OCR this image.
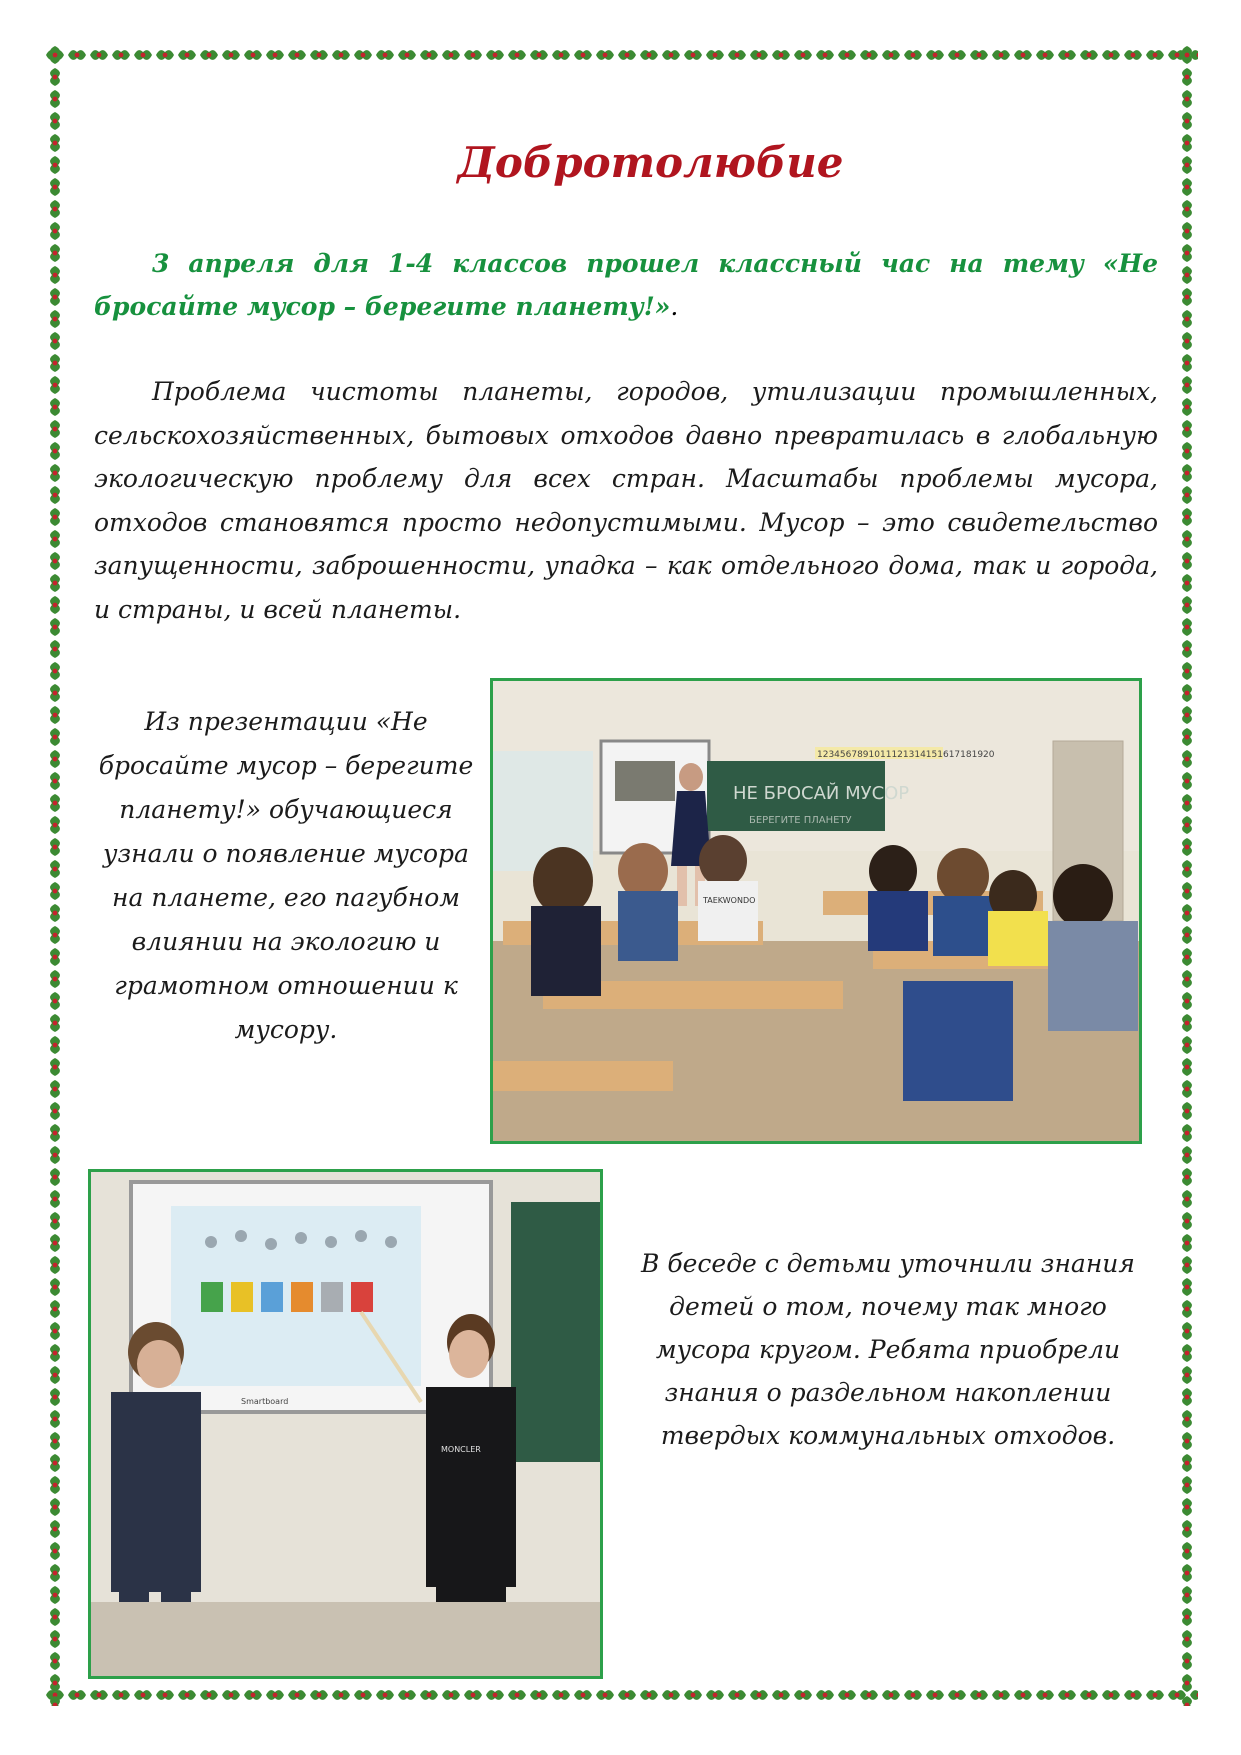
Добротолюбие

3 апреля для 1-4 классов прошел классный час на тему «Не бросайте мусор – берегите планету!».

Проблема чистоты планеты, городов, утилизации промышленных, сельскохозяйственных, бытовых отходов давно превратилась в глобальную экологическую проблему для всех стран. Масштабы проблемы мусора, отходов становятся просто недопустимыми. Мусор – это свидетельство запущенности, заброшенности, упадка – как отдельного дома, так и города, и страны, и всей планеты.

Из презентации «Не бросайте мусор – берегите планету!» обучающиеся узнали о появление мусора на планете, его пагубном влиянии на экологию и грамотном отношении к мусору.

НЕ БРОСАЙ МУСОР
БЕРЕГИТЕ ПЛАНЕТУ
1234567891011121314151617181920
TAEKWONDO
Smartboard
MONCLER

В беседе с детьми уточнили знания детей о том, почему так много мусора кругом. Ребята приобрели знания о раздельном накоплении твердых коммунальных отходов.
